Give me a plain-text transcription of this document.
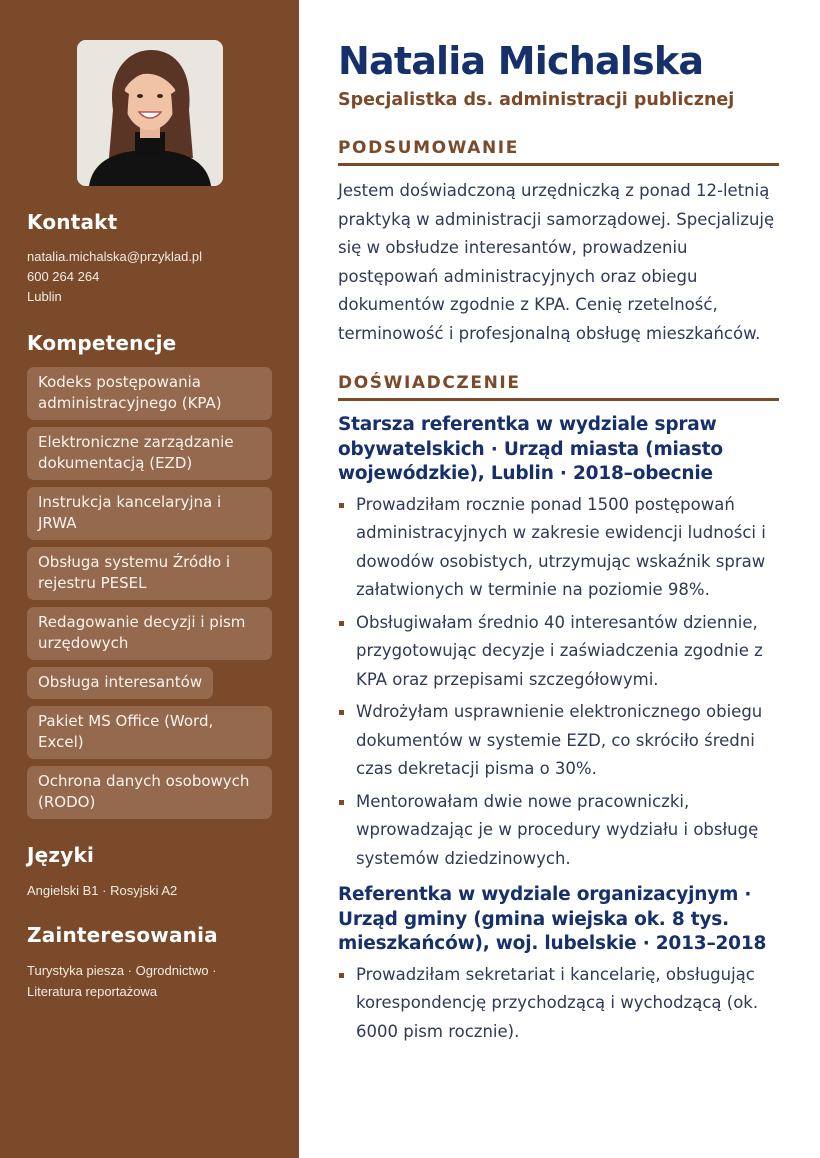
Kontakt
natalia.michalska@przyklad.pl
600 264 264
Lublin
Kompetencje
Kodeks postępowania administracyjnego (KPA)
Elektroniczne zarządzanie dokumentacją (EZD)
Instrukcja kancelaryjna i JRWA
Obsługa systemu Źródło i rejestru PESEL
Redagowanie decyzji i pism urzędowych
Obsługa interesantów
Pakiet MS Office (Word, Excel)
Ochrona danych osobowych (RODO)
Języki
Angielski B1 · Rosyjski A2
Zainteresowania
Turystyka piesza · Ogrodnictwo · Literatura reportażowa
Natalia Michalska
Specjalistka ds. administracji publicznej
PODSUMOWANIE
Jestem doświadczoną urzędniczką z ponad 12-letnią praktyką w administracji samorządowej. Specjalizuję się w obsłudze interesantów, prowadzeniu postępowań administracyjnych oraz obiegu dokumentów zgodnie z KPA. Cenię rzetelność, terminowość i profesjonalną obsługę mieszkańców.
DOŚWIADCZENIE
Starsza referentka w wydziale spraw obywatelskich · Urząd miasta (miasto wojewódzkie), Lublin · 2018–obecnie
Prowadziłam rocznie ponad 1500 postępowań administracyjnych w zakresie ewidencji ludności i dowodów osobistych, utrzymując wskaźnik spraw załatwionych w terminie na poziomie 98%.
Obsługiwałam średnio 40 interesantów dziennie, przygotowując decyzje i zaświadczenia zgodnie z KPA oraz przepisami szczegółowymi.
Wdrożyłam usprawnienie elektronicznego obiegu dokumentów w systemie EZD, co skróciło średni czas dekretacji pisma o 30%.
Mentorowałam dwie nowe pracowniczki, wprowadzając je w procedury wydziału i obsługę systemów dziedzinowych.
Referentka w wydziale organizacyjnym · Urząd gminy (gmina wiejska ok. 8 tys. mieszkańców), woj. lubelskie · 2013–2018
Prowadziłam sekretariat i kancelarię, obsługując korespondencję przychodzącą i wychodzącą (ok. 6000 pism rocznie).
